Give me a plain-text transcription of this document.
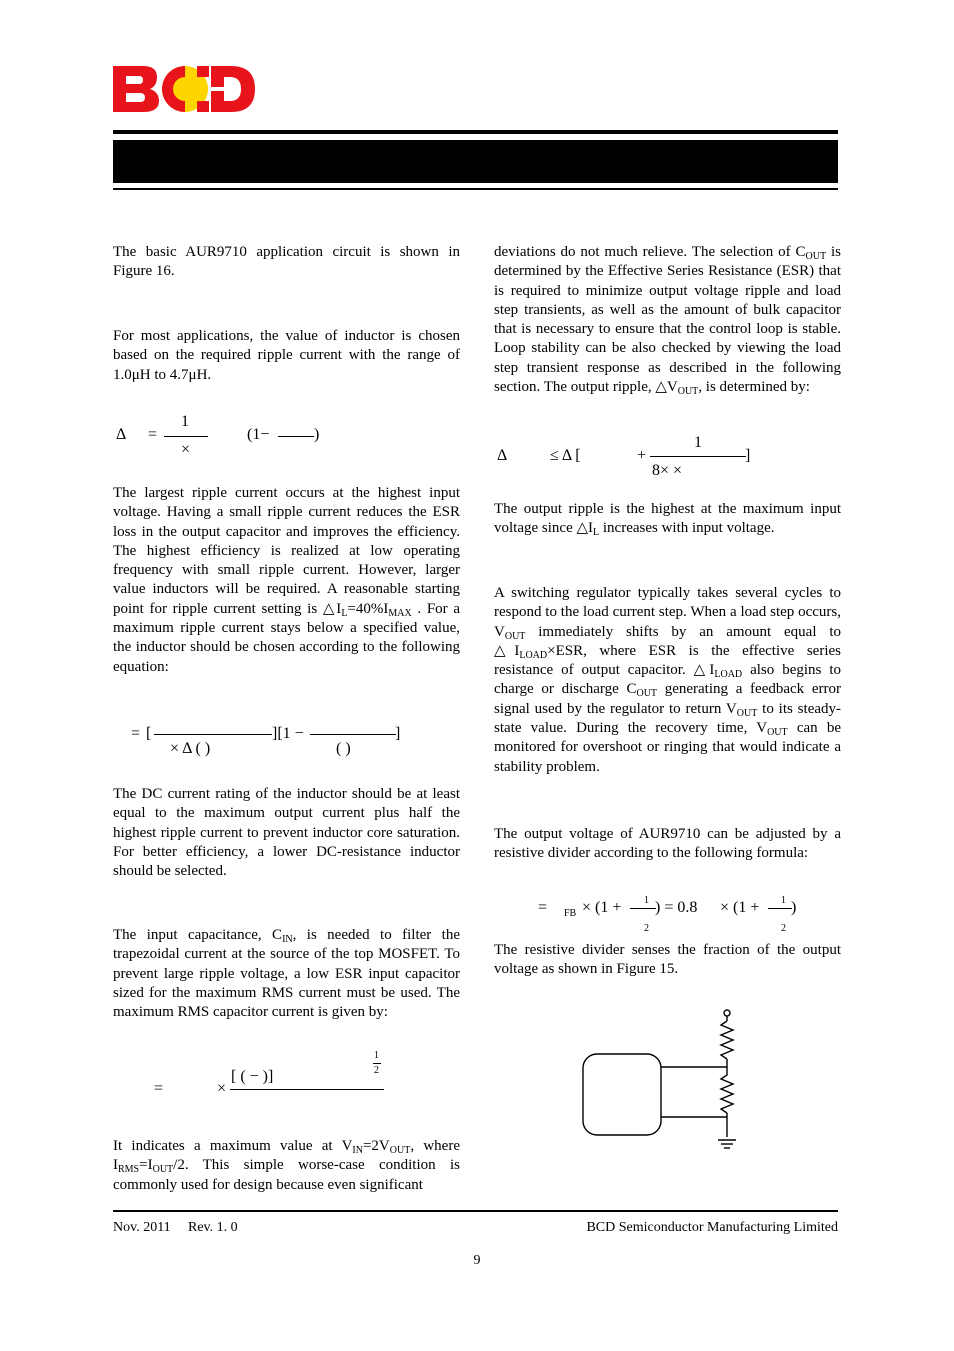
The basic AUR9710 application circuit is shown in Figure 16.

For most applications, the value of inductor is chosen based on the required ripple current with the range of 1.0μH to 4.7μH.

Δ =
1
×
(1−	)

The largest ripple current occurs at the highest input voltage. Having a small ripple current reduces the ESR loss in the output capacitor and improves the efficiency. The highest efficiency is realized at low operating frequency with small ripple current. However, larger value inductors will be required. A reasonable starting point for ripple current setting is $\triangle I_L=40\%I_{MAX}$ . For a maximum ripple current stays below a specified value, the inductor should be chosen according to the following equation:

= [
× Δ ( )
][1 −
( )
]

The DC current rating of the inductor should be at least equal to the maximum output current plus half the highest ripple current to prevent inductor core saturation. For better efficiency, a lower DC-resistance inductor should be selected.

The input capacitance, $C_{IN}$, is needed to filter the trapezoidal current at the source of the top MOSFET. To prevent large ripple voltage, a low ESR input capacitor sized for the maximum RMS current must be used. The maximum RMS capacitor current is given by:

=	×
[ ( − )]
1
2

It indicates a maximum value at $V_{IN}=2V_{OUT}$, where $I_{RMS}=I_{OUT}/2$. This simple worse-case condition is commonly used for design because even significant

deviations do not much relieve. The selection of $C_{OUT}$ is determined by the Effective Series Resistance (ESR) that is required to minimize output voltage ripple and load step transients, as well as the amount of bulk capacitor that is necessary to ensure that the control loop is stable. Loop stability can be also checked by viewing the load step transient response as described in the following section. The output ripple, $\triangle V_{OUT}$, is determined by:

Δ	≤ Δ [	+
1
8× ×
]

The output ripple is the highest at the maximum input voltage since $\triangle I_L$ increases with input voltage.

A switching regulator typically takes several cycles to respond to the load current step. When a load step occurs, $V_{OUT}$ immediately shifts by an amount equal to $\triangle I_{LOAD}\times ESR$, where ESR is the effective series resistance of output capacitor. $\triangle I_{LOAD}$ also begins to charge or discharge $C_{OUT}$ generating a feedback error signal used by the regulator to return $V_{OUT}$ to its steady-state value. During the recovery time, $V_{OUT}$ can be monitored for overshoot or ringing that would indicate a stability problem.

The output voltage of AUR9710 can be adjusted by a resistive divider according to the following formula:

= FB × (1 + 1
2
) = 0.8 × (1 + 1
2
)

The resistive divider senses the fraction of the output voltage as shown in Figure 15.

Nov. 2011 Rev. 1. 0	BCD Semiconductor Manufacturing Limited
9
